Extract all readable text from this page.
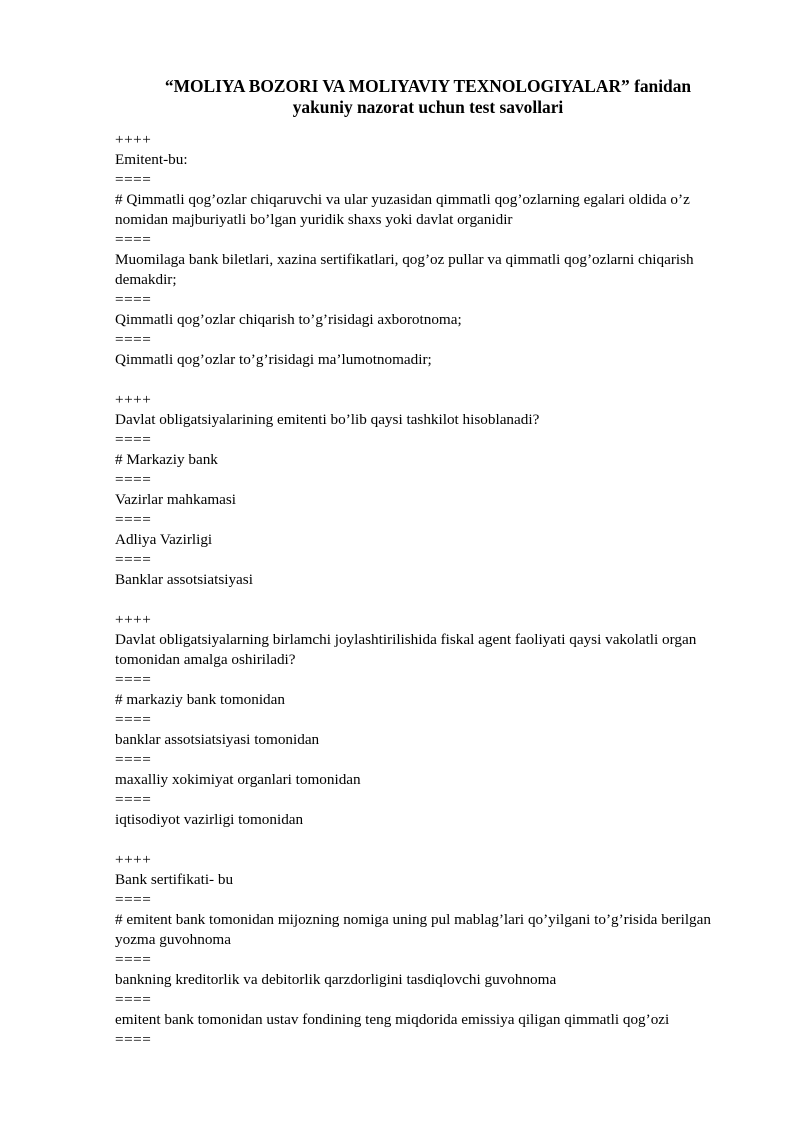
“MOLIYA BOZORI VA MOLIYAVIY TEXNOLOGIYALAR” fanidan
yakuniy nazorat uchun test savollari
++++
Emitent-bu:
====
# Qimmatli qog’ozlar chiqaruvchi va ular yuzasidan qimmatli qog’ozlarning egalari oldida o’z nomidan majburiyatli bo’lgan yuridik shaxs yoki davlat organidir
====
Muomilaga bank biletlari, xazina sertifikatlari, qog’oz pullar va qimmatli qog’ozlarni chiqarish demakdir;
====
Qimmatli qog’ozlar chiqarish to’g’risidagi axborotnoma;
====
Qimmatli qog’ozlar to’g’risidagi ma’lumotnomadir;
++++
Davlat obligatsiyalarining emitenti bo’lib qaysi tashkilot hisoblanadi?
====
# Markaziy bank
====
Vazirlar mahkamasi
====
Adliya Vazirligi
====
Banklar assotsiatsiyasi
++++
Davlat obligatsiyalarning birlamchi joylashtirilishida fiskal agent faoliyati qaysi vakolatli organ tomonidan amalga oshiriladi?
====
# markaziy bank tomonidan
====
banklar assotsiatsiyasi tomonidan
====
maxalliy xokimiyat organlari tomonidan
====
iqtisodiyot vazirligi tomonidan
++++
Bank sertifikati- bu
====
# emitent bank tomonidan mijozning nomiga uning pul mablag’lari qo’yilgani to’g’risida berilgan yozma guvohnoma
====
bankning kreditorlik va debitorlik qarzdorligini tasdiqlovchi guvohnoma
====
emitent bank tomonidan ustav fondining teng miqdorida emissiya qiligan qimmatli qog’ozi
====
